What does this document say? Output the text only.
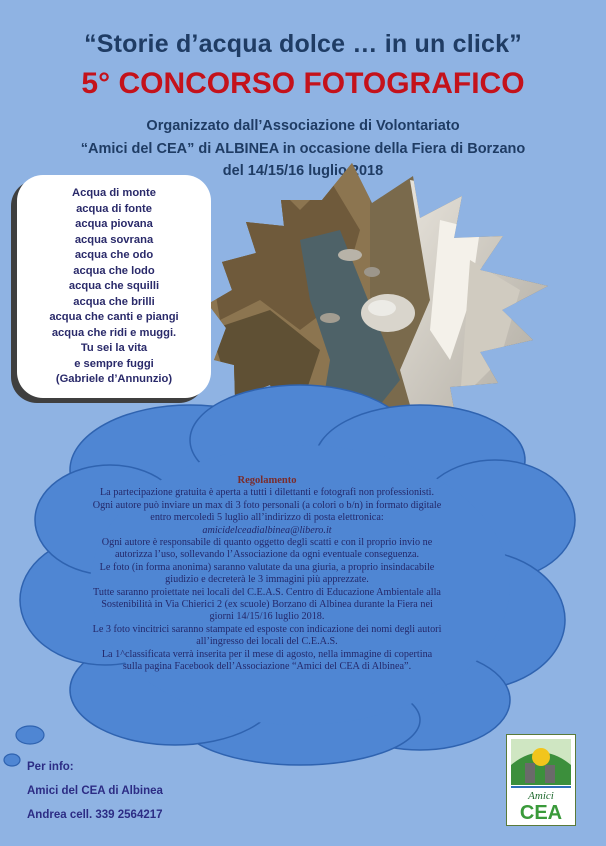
“Storie d’acqua dolce … in un click”
5° CONCORSO FOTOGRAFICO
Organizzato dall’Associazione di Volontariato
“Amici del CEA” di ALBINEA in occasione della Fiera di Borzano
del 14/15/16 luglio 2018
Acqua di monte
acqua di fonte
acqua piovana
acqua sovrana
acqua che odo
acqua che lodo
acqua che squilli
acqua che brilli
acqua che canti e piangi
acqua che ridi e muggi.
Tu sei la vita
e sempre fuggi
(Gabriele d’Annunzio)
Regolamento
La partecipazione gratuita è aperta a tutti i dilettanti e fotografi non professionisti.
Ogni autore può inviare un max di 3 foto personali (a colori o b/n) in formato digitale entro mercoledì 5 luglio all’indirizzo di posta elettronica:
amicidelceadialbinea@libero.it
Ogni autore è responsabile di quanto oggetto degli scatti e con il proprio invio ne autorizza l’uso, sollevando l’Associazione da ogni eventuale conseguenza.
Le foto (in forma anonima) saranno valutate da una giuria, a proprio insindacabile giudizio e decreterà le 3 immagini più apprezzate.
Tutte saranno proiettate nei locali del C.E.A.S. Centro di Educazione Ambientale alla Sostenibilità in Via Chierici 2 (ex scuole) Borzano di Albinea durante la Fiera nei giorni 14/15/16 luglio 2018.
Le 3 foto vincitrici saranno stampate ed esposte con indicazione dei nomi degli autori all’ingresso dei locali del C.E.A.S.
La 1^classificata verrà inserita per il mese di agosto, nella immagine di copertina sulla pagina Facebook dell’Associazione “Amici del CEA di Albinea”.
Per info:
Amici del CEA di Albinea
Andrea cell. 339 2564217
Amici
CEA
